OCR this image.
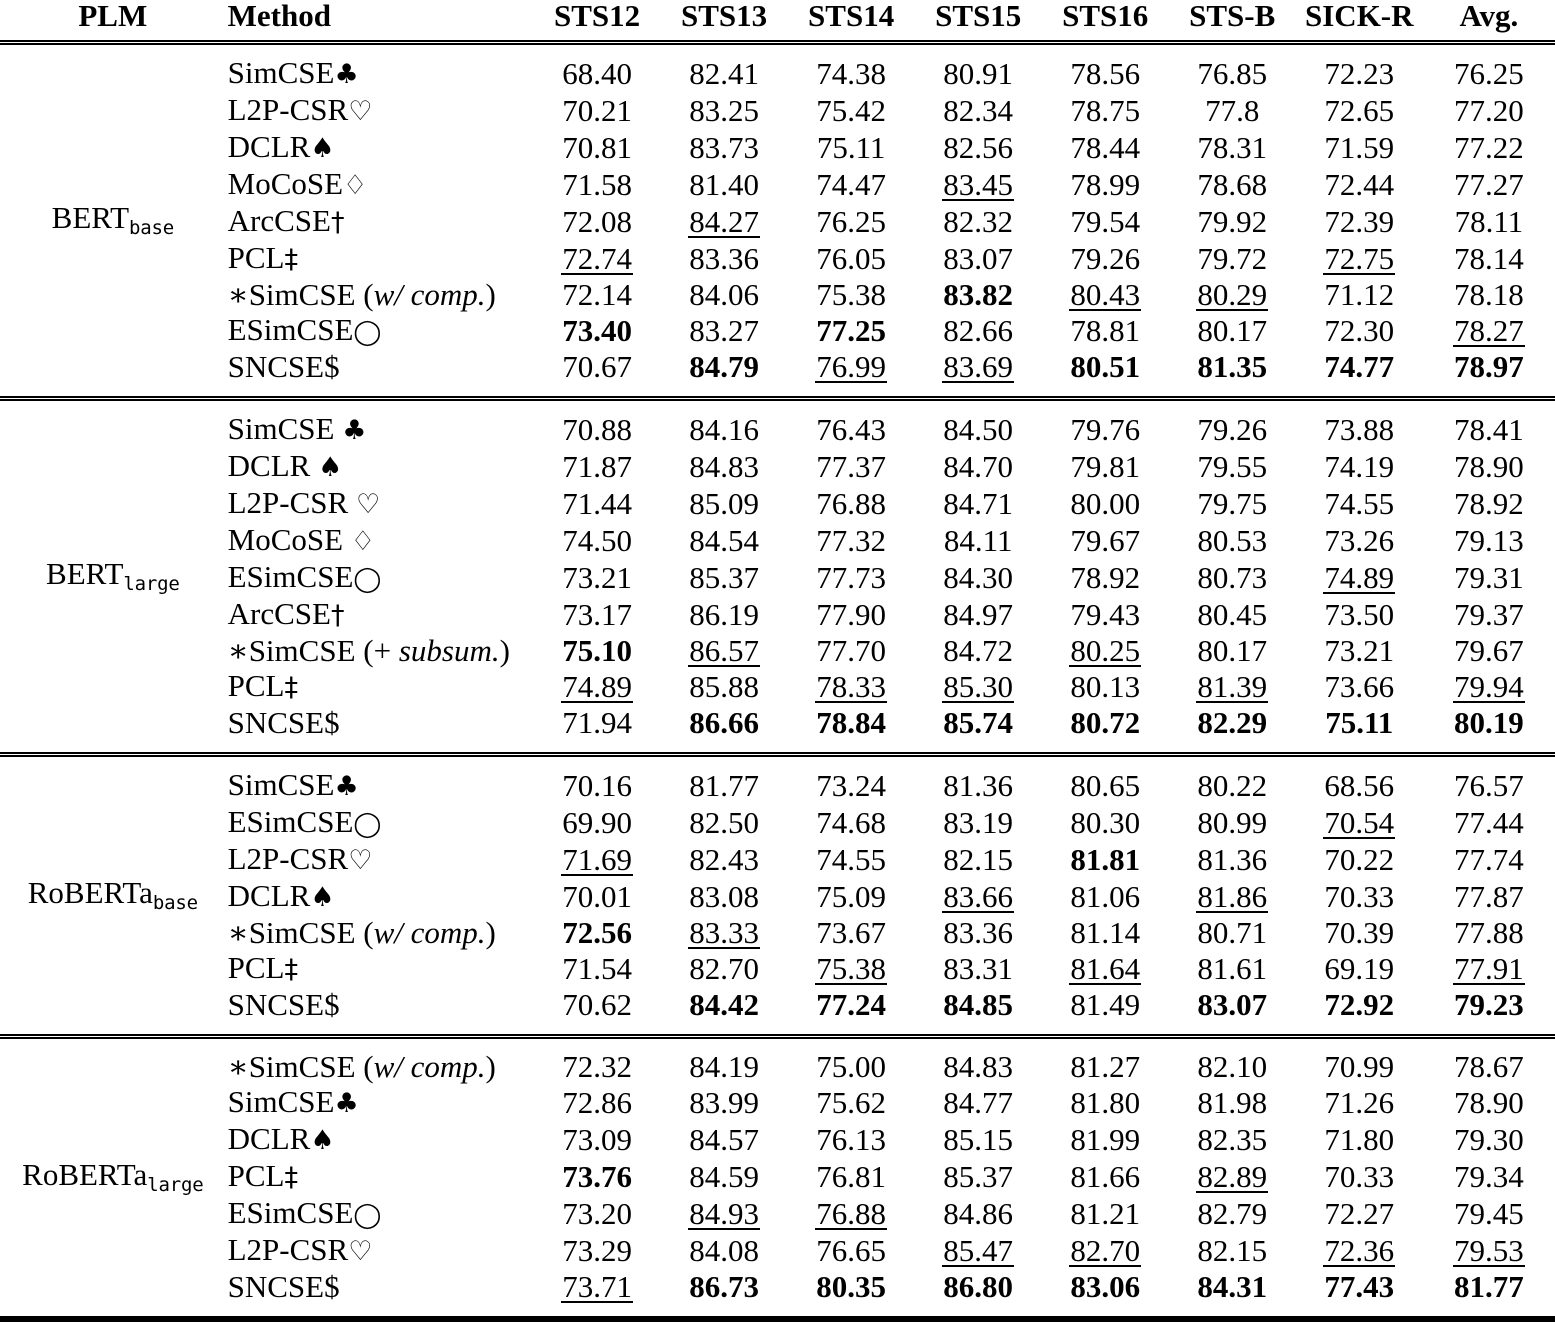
PLM	Method	STS12	STS13	STS14	STS15	STS16	STS-B	SICK-R	Avg.

BERTbase	SimCSE♣	68.40	82.41	74.38	80.91	78.56	76.85	72.23	76.25
	L2P-CSR♡	70.21	83.25	75.42	82.34	78.75	77.8	72.65	77.20
	DCLR♠	70.81	83.73	75.11	82.56	78.44	78.31	71.59	77.22
	MoCoSE♢	71.58	81.40	74.47	83.45	78.99	78.68	72.44	77.27
	ArcCSE†	72.08	84.27	76.25	82.32	79.54	79.92	72.39	78.11
	PCL‡	72.74	83.36	76.05	83.07	79.26	79.72	72.75	78.14
	∗SimCSE (w/ comp.)	72.14	84.06	75.38	83.82	80.43	80.29	71.12	78.18
	ESimCSE◯	73.40	83.27	77.25	82.66	78.81	80.17	72.30	78.27
	SNCSE$	70.67	84.79	76.99	83.69	80.51	81.35	74.77	78.97

BERTlarge	SimCSE ♣	70.88	84.16	76.43	84.50	79.76	79.26	73.88	78.41
	DCLR ♠	71.87	84.83	77.37	84.70	79.81	79.55	74.19	78.90
	L2P-CSR ♡	71.44	85.09	76.88	84.71	80.00	79.75	74.55	78.92
	MoCoSE ♢	74.50	84.54	77.32	84.11	79.67	80.53	73.26	79.13
	ESimCSE◯	73.21	85.37	77.73	84.30	78.92	80.73	74.89	79.31
	ArcCSE†	73.17	86.19	77.90	84.97	79.43	80.45	73.50	79.37
	∗SimCSE (+ subsum.)	75.10	86.57	77.70	84.72	80.25	80.17	73.21	79.67
	PCL‡	74.89	85.88	78.33	85.30	80.13	81.39	73.66	79.94
	SNCSE$	71.94	86.66	78.84	85.74	80.72	82.29	75.11	80.19

RoBERTabase	SimCSE♣	70.16	81.77	73.24	81.36	80.65	80.22	68.56	76.57
	ESimCSE◯	69.90	82.50	74.68	83.19	80.30	80.99	70.54	77.44
	L2P-CSR♡	71.69	82.43	74.55	82.15	81.81	81.36	70.22	77.74
	DCLR♠	70.01	83.08	75.09	83.66	81.06	81.86	70.33	77.87
	∗SimCSE (w/ comp.)	72.56	83.33	73.67	83.36	81.14	80.71	70.39	77.88
	PCL‡	71.54	82.70	75.38	83.31	81.64	81.61	69.19	77.91
	SNCSE$	70.62	84.42	77.24	84.85	81.49	83.07	72.92	79.23

RoBERTalarge	∗SimCSE (w/ comp.)	72.32	84.19	75.00	84.83	81.27	82.10	70.99	78.67
	SimCSE♣	72.86	83.99	75.62	84.77	81.80	81.98	71.26	78.90
	DCLR♠	73.09	84.57	76.13	85.15	81.99	82.35	71.80	79.30
	PCL‡	73.76	84.59	76.81	85.37	81.66	82.89	70.33	79.34
	ESimCSE◯	73.20	84.93	76.88	84.86	81.21	82.79	72.27	79.45
	L2P-CSR♡	73.29	84.08	76.65	85.47	82.70	82.15	72.36	79.53
	SNCSE$	73.71	86.73	80.35	86.80	83.06	84.31	77.43	81.77
